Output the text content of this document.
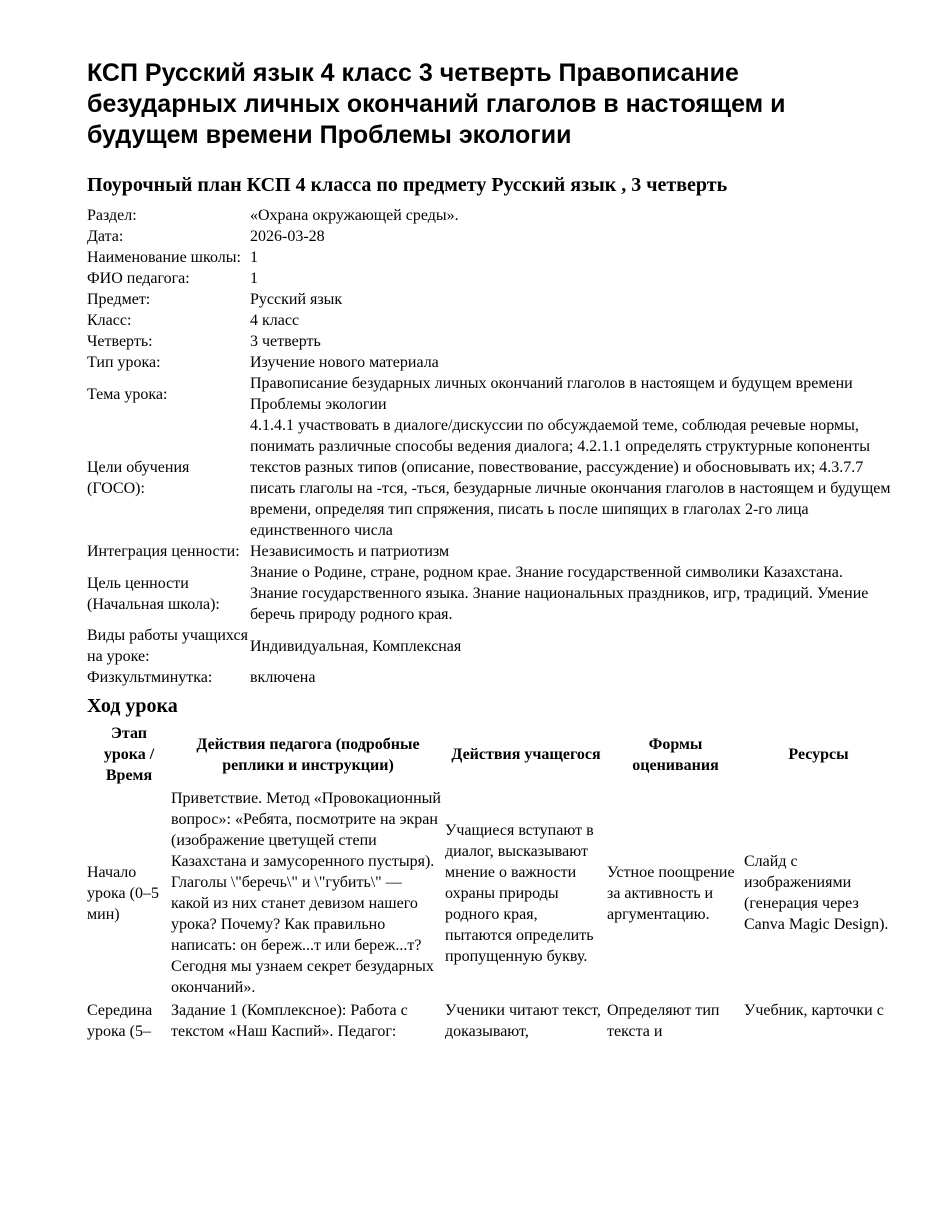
КСП Русский язык 4 класс 3 четверть Правописание безударных личных окончаний глаголов в настоящем и будущем времени Проблемы экологии
Поурочный план КСП 4 класса по предмету Русский язык , 3 четверть
Раздел:	«Охрана окружающей среды».
Дата:	2026-03-28
Наименование школы:	1
ФИО педагога:	1
Предмет:	Русский язык
Класс:	4 класс
Четверть:	3 четверть
Тип урока:	Изучение нового материала
Тема урока:	Правописание безударных личных окончаний глаголов в настоящем и будущем времени Проблемы экологии
Цели обучения (ГОСО):	4.1.4.1 участвовать в диалоге/дискуссии по обсуждаемой теме, соблюдая речевые нормы, понимать различные способы ведения диалога; 4.2.1.1 определять структурные копоненты текстов разных типов (описание, повествование, рассуждение) и обосновывать их; 4.3.7.7 писать глаголы на -тся, -ться, безударные личные окончания глаголов в настоящем и будущем времени, определяя тип спряжения, писать ь после шипящих в глаголах 2-го лица единственного числа
Интеграция ценности:	Независимость и патриотизм
Цель ценности (Начальная школа):	Знание о Родине, стране, родном крае. Знание государственной символики Казахстана. Знание государственного языка. Знание национальных праздников, игр, традиций. Умение беречь природу родного края.
Виды работы учащихся на уроке:	Индивидуальная, Комплексная
Физкультминутка:	включена
Ход урока
Этап урока / Время	Действия педагога (подробные реплики и инструкции)	Действия учащегося	Формы оценивания	Ресурсы
Начало урока (0–5 мин)	Приветствие. Метод «Провокационный вопрос»: «Ребята, посмотрите на экран (изображение цветущей степи Казахстана и замусоренного пустыря). Глаголы \"беречь\" и \"губить\" — какой из них станет девизом нашего урока? Почему? Как правильно написать: он береж...т или береж...т? Сегодня мы узнаем секрет безударных окончаний».	Учащиеся вступают в диалог, высказывают мнение о важности охраны природы родного края, пытаются определить пропущенную букву.	Устное поощрение за активность и аргументацию.	Слайд с изображениями (генерация через Canva Magic Design).
Середина урока (5–	Задание 1 (Комплексное): Работа с текстом «Наш Каспий». Педагог:	Ученики читают текст, доказывают,	Определяют тип текста и	Учебник, карточки с
